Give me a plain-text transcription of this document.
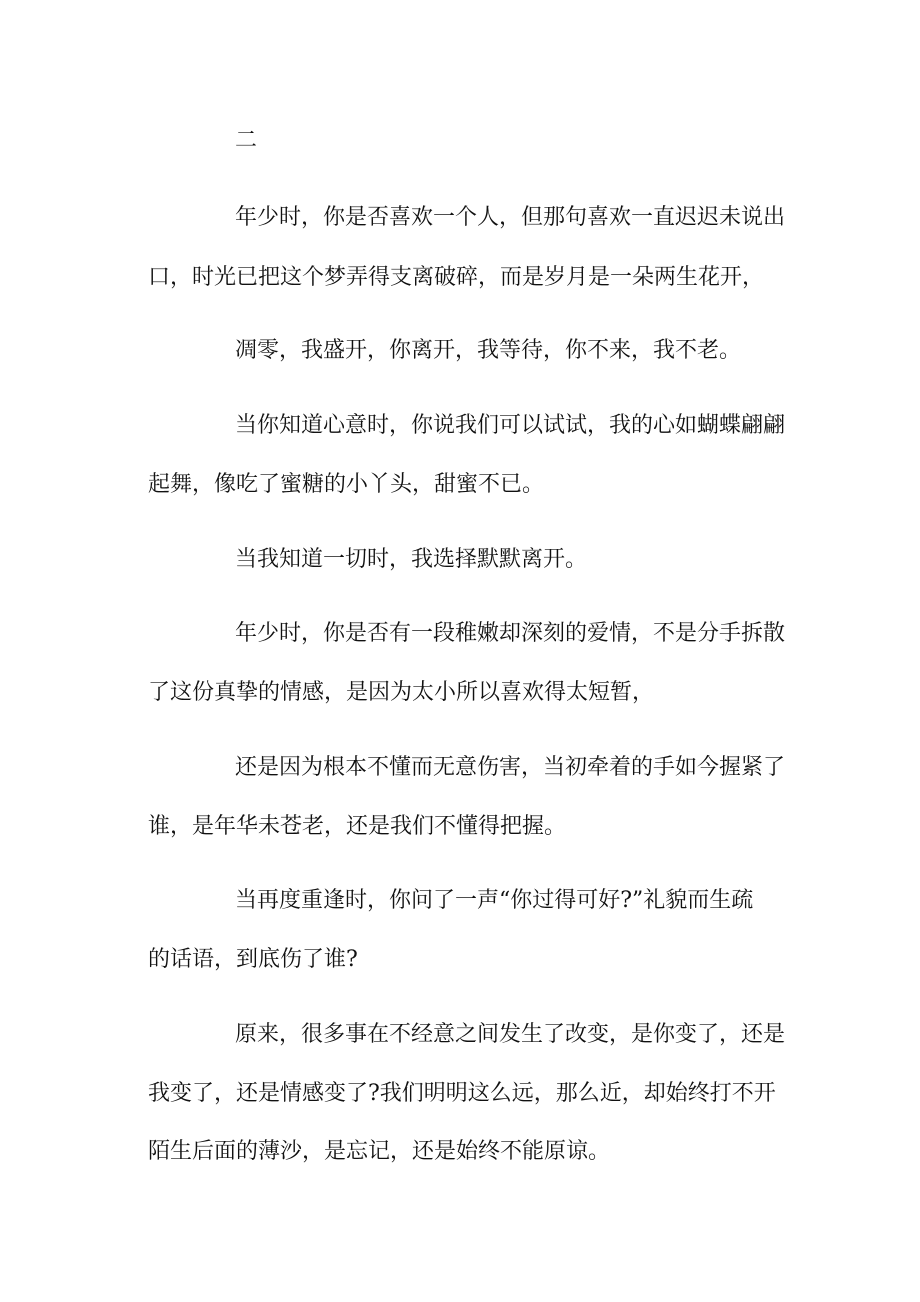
二

年少时，你是否喜欢一个人，但那句喜欢一直迟迟未说出

口，时光已把这个梦弄得支离破碎，而是岁月是一朵两生花开，

凋零，我盛开，你离开，我等待，你不来，我不老。

当你知道心意时，你说我们可以试试，我的心如蝴蝶翩翩

起舞，像吃了蜜糖的小丫头，甜蜜不已。

当我知道一切时，我选择默默离开。

年少时，你是否有一段稚嫩却深刻的爱情，不是分手拆散

了这份真挚的情感，是因为太小所以喜欢得太短暂，

还是因为根本不懂而无意伤害，当初牵着的手如今握紧了

谁，是年华未苍老，还是我们不懂得把握。

当再度重逢时，你问了一声“你过得可好?”礼貌而生疏

的话语，到底伤了谁?

原来，很多事在不经意之间发生了改变，是你变了，还是

我变了，还是情感变了?我们明明这么远，那么近，却始终打不开

陌生后面的薄沙，是忘记，还是始终不能原谅。
